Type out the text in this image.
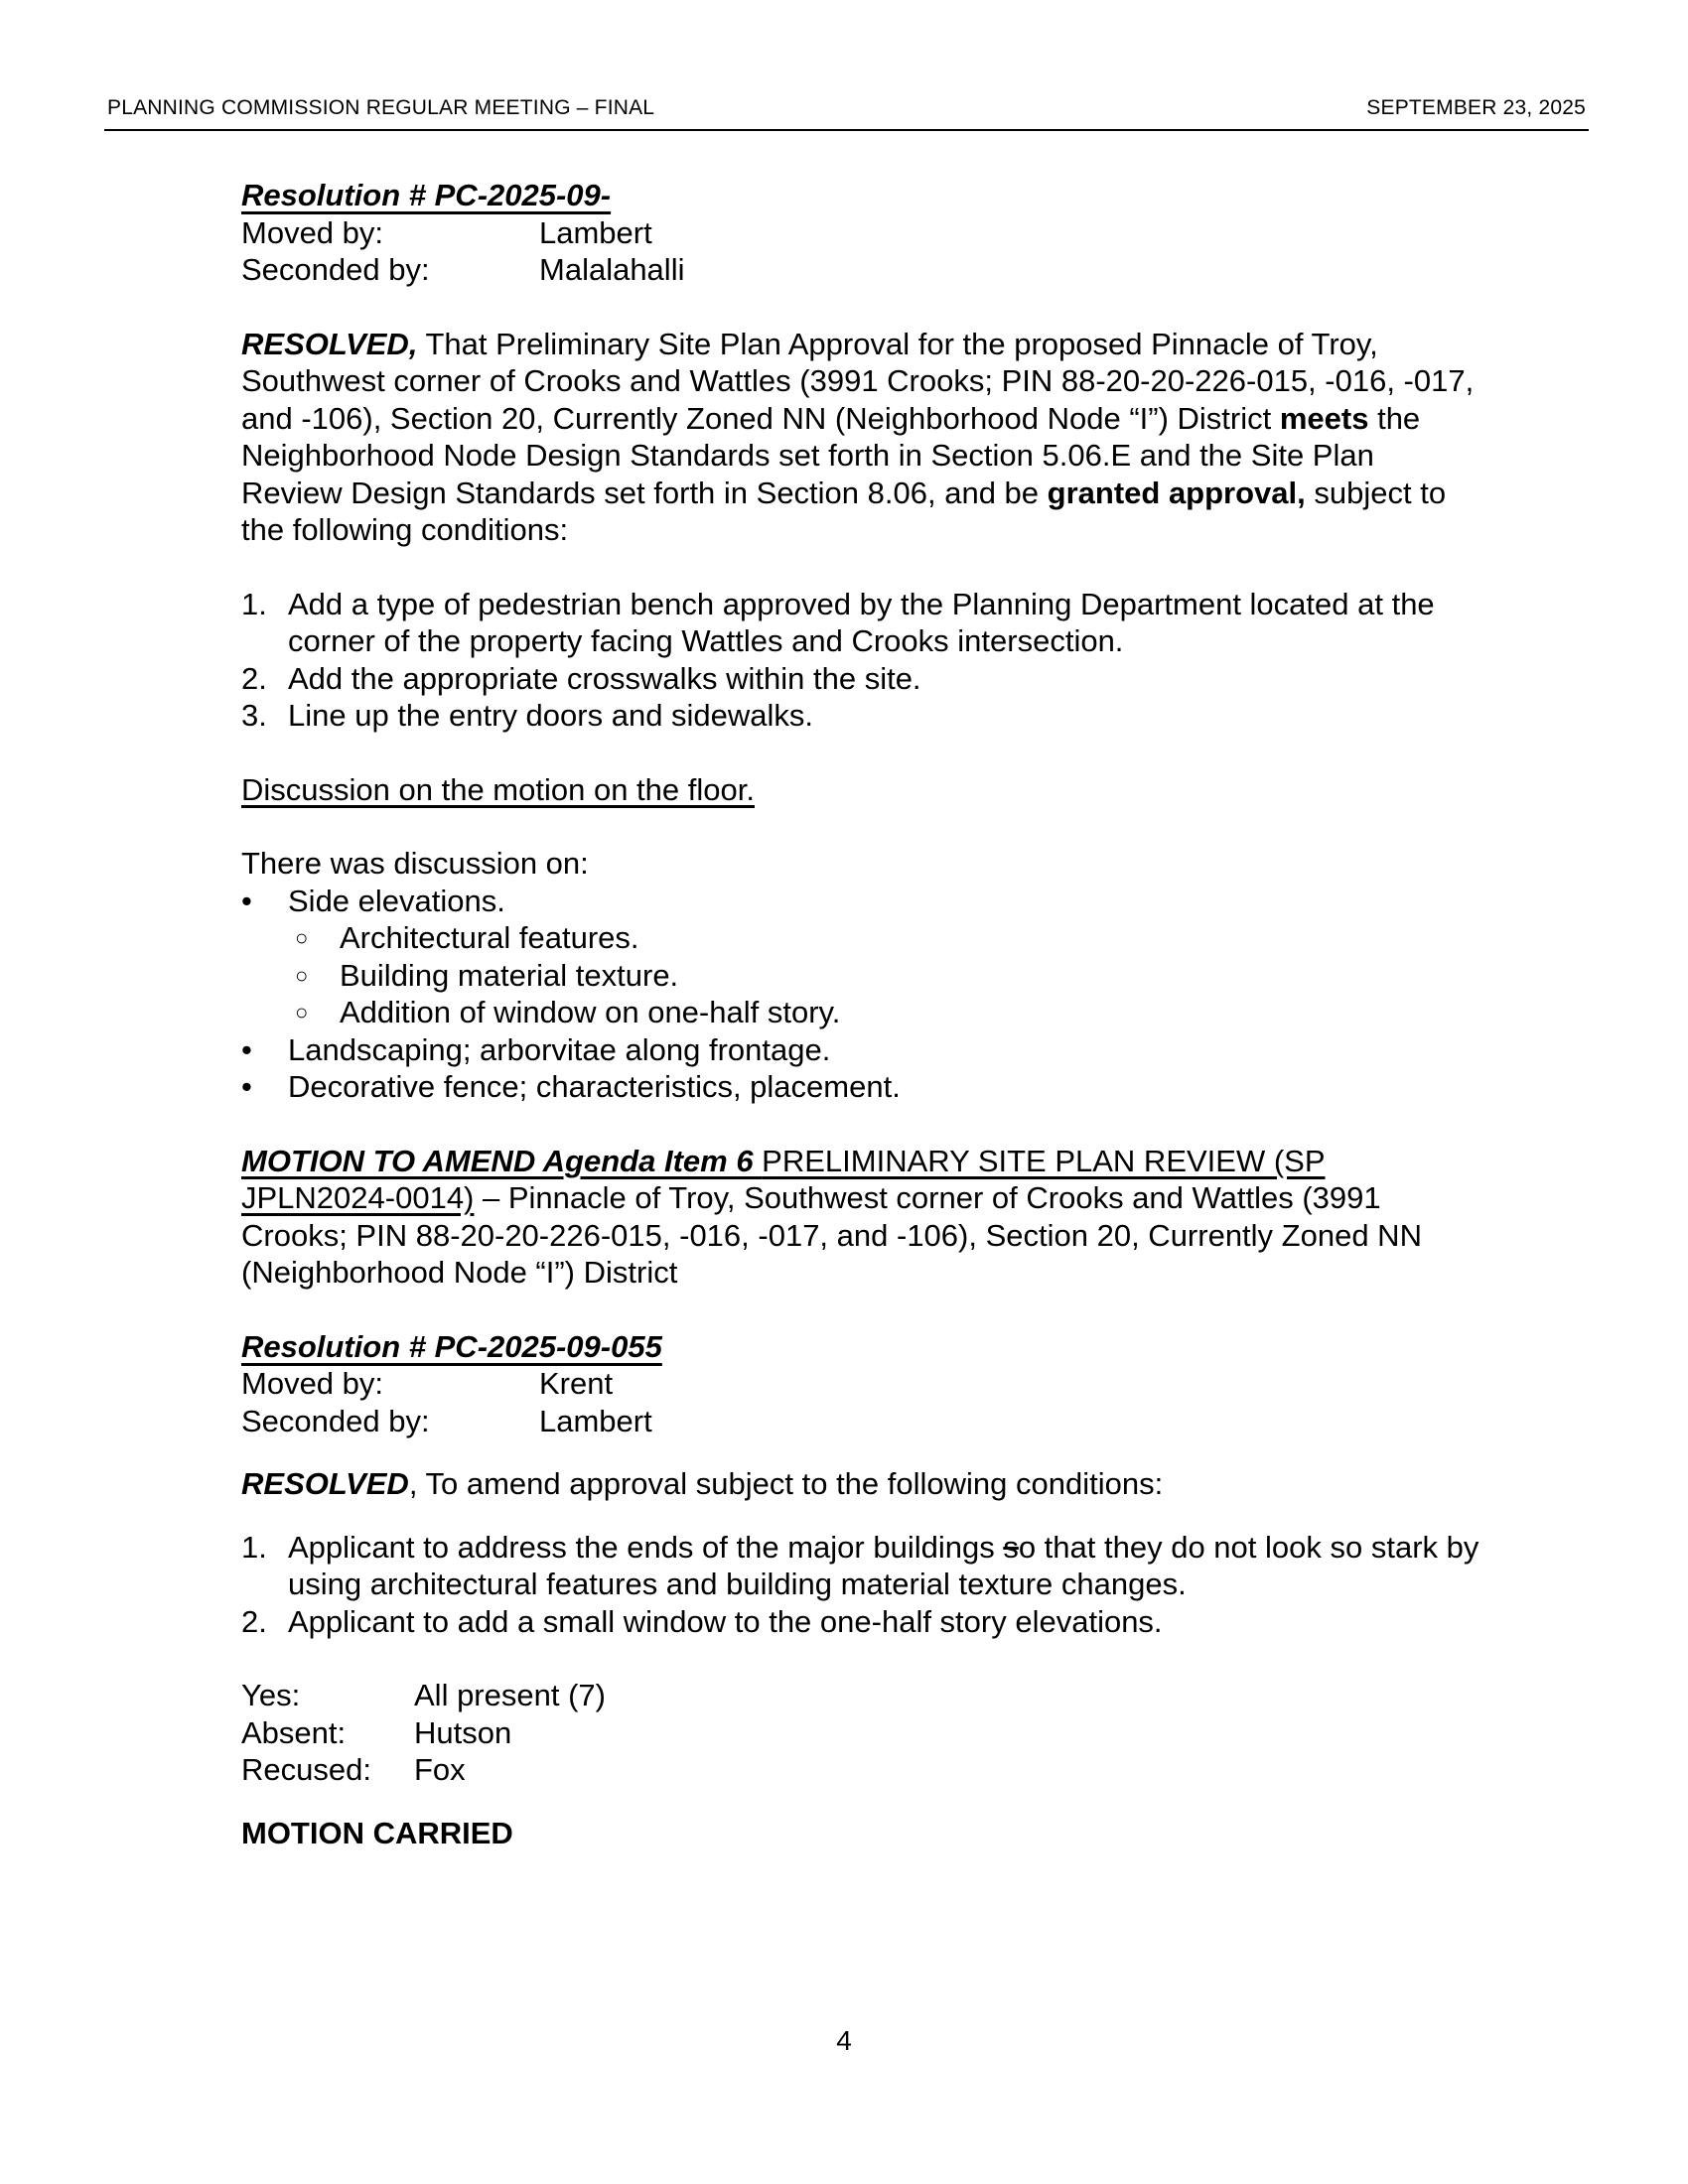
PLANNING COMMISSION REGULAR MEETING – FINAL	SEPTEMBER 23, 2025
Resolution # PC-2025-09-
Moved by:	Lambert
Seconded by:	Malalahalli
RESOLVED, That Preliminary Site Plan Approval for the proposed Pinnacle of Troy,
Southwest corner of Crooks and Wattles (3991 Crooks; PIN 88-20-20-226-015, -016, -017,
and -106), Section 20, Currently Zoned NN (Neighborhood Node “I”) District meets the
Neighborhood Node Design Standards set forth in Section 5.06.E and the Site Plan
Review Design Standards set forth in Section 8.06, and be granted approval, subject to
the following conditions:
1. Add a type of pedestrian bench approved by the Planning Department located at the
corner of the property facing Wattles and Crooks intersection.
2. Add the appropriate crosswalks within the site.
3. Line up the entry doors and sidewalks.
Discussion on the motion on the floor.
There was discussion on:
•	Side elevations.
○	Architectural features.
○	Building material texture.
○	Addition of window on one-half story.
•	Landscaping; arborvitae along frontage.
•	Decorative fence; characteristics, placement.
MOTION TO AMEND Agenda Item 6 PRELIMINARY SITE PLAN REVIEW (SP
JPLN2024-0014) – Pinnacle of Troy, Southwest corner of Crooks and Wattles (3991
Crooks; PIN 88-20-20-226-015, -016, -017, and -106), Section 20, Currently Zoned NN
(Neighborhood Node “I”) District
Resolution # PC-2025-09-055
Moved by:	Krent
Seconded by:	Lambert
RESOLVED, To amend approval subject to the following conditions:
1. Applicant to address the ends of the major buildings so that they do not look so stark by
using architectural features and building material texture changes.
2. Applicant to add a small window to the one-half story elevations.
Yes:	All present (7)
Absent:	Hutson
Recused:	Fox
MOTION CARRIED
4
